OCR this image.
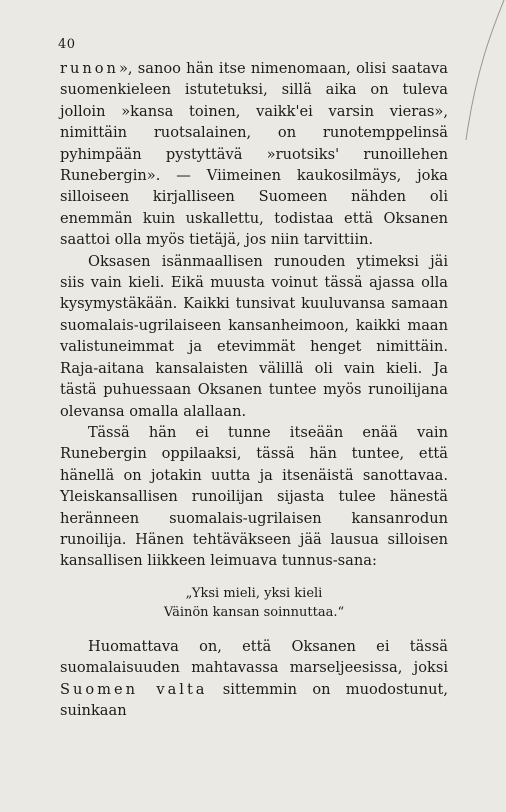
40

runon», sanoo hän itse nimenomaan, olisi saatava suomenkieleen istutetuksi, sillä aika on tuleva jolloin »kansa toinen, vaikk'ei varsin vieras», nimittäin ruotsalainen, on runotemppelinsä pyhimpään pystyttävä »ruotsiks' runoillehen Runebergin». — Viimeinen kaukosilmäys, joka silloiseen kirjalliseen Suomeen nähden oli enemmän kuin uskallettu, todistaa että Oksanen saattoi olla myös tietäjä, jos niin tarvittiin.

Oksasen isänmaallisen runouden ytimeksi jäi siis vain kieli. Eikä muusta voinut tässä ajassa olla kysymystäkään. Kaikki tunsivat kuuluvansa samaan suomalais-ugrilaiseen kansanheimoon, kaikki maan valistuneimmat ja etevimmät henget nimittäin. Raja-aitana kansalaisten välillä oli vain kieli. Ja tästä puhuessaan Oksanen tuntee myös runoilijana olevansa omalla alallaan.

Tässä hän ei tunne itseään enää vain Runebergin oppilaaksi, tässä hän tuntee, että hänellä on jotakin uutta ja itsenäistä sanottavaa. Yleiskansallisen runoilijan sijasta tulee hänestä heränneen suomalais-ugrilaisen kansanrodun runoilija. Hänen tehtäväkseen jää lausua silloisen kansallisen liikkeen leimuava tunnus-sana:

„Yksi mieli, yksi kieli
Väinön kansan soinnuttaa.“

Huomattava on, että Oksanen ei tässä suomalaisuuden mahtavassa marseljeesissa, joksi Suomen valta sittemmin on muodostunut, suinkaan
